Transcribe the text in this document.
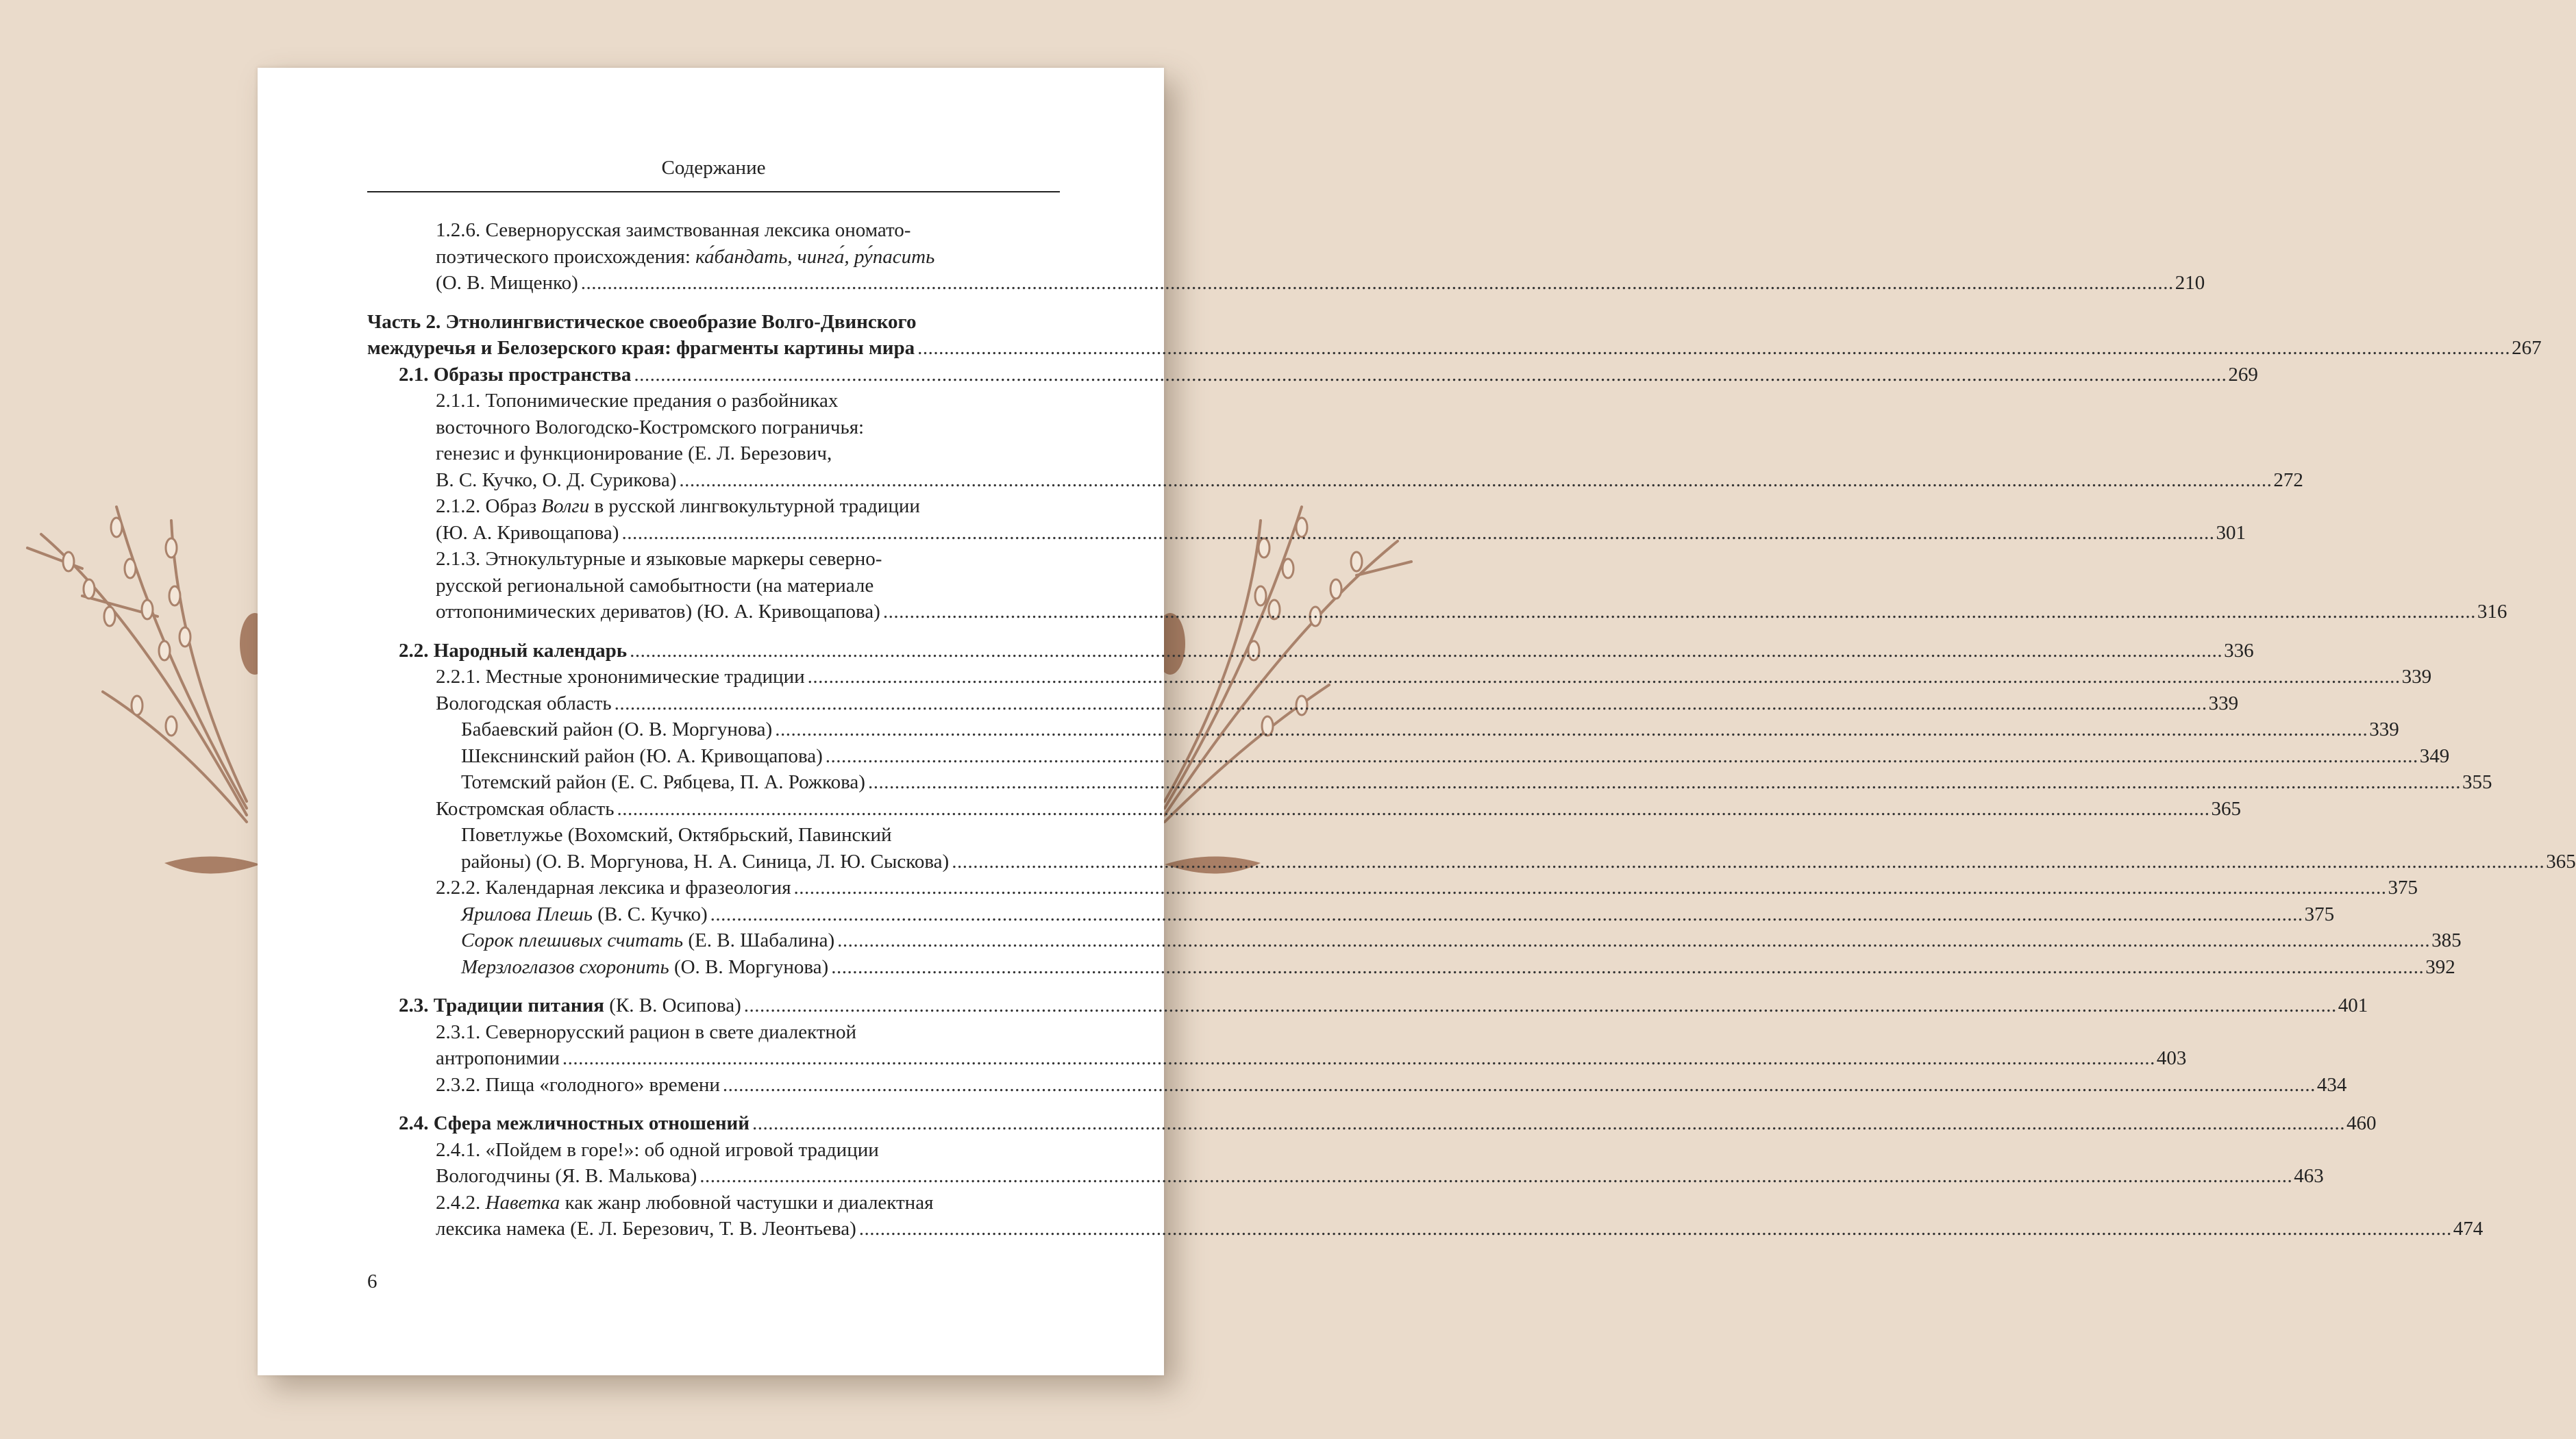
Содержание
1.2.6. Северноруcская заимствованная лексика ономато-
поэтического происхождения: ка́бандать, чинга́, ру́пасить
(О. В. Мищенко) ............................................................................................................................................................................................................................................................................................................ 210
Часть 2. Этнолингвистическое своеобразие Волго-Двинского
междуречья и Белозерского края: фрагменты картины мира ............................................................................................................................................................................................................................................................................................................ 267
2.1. Образы пространства ............................................................................................................................................................................................................................................................................................................ 269
2.1.1. Топонимические предания о разбойниках
восточного Вологодско-Костромского пограничья:
генезис и функционирование (Е. Л. Березович,
В. С. Кучко, О. Д. Сурикова) ............................................................................................................................................................................................................................................................................................................ 272
2.1.2. Образ Волги в русской лингвокультурной традиции
(Ю. А. Кривощапова) ............................................................................................................................................................................................................................................................................................................ 301
2.1.3. Этнокультурные и языковые маркеры северно-
русской региональной самобытности (на материале
оттопонимических дериватов) (Ю. А. Кривощапова) ............................................................................................................................................................................................................................................................................................................ 316
2.2. Народный календарь ............................................................................................................................................................................................................................................................................................................ 336
2.2.1. Местные хрононимические традиции ............................................................................................................................................................................................................................................................................................................ 339
Вологодская область ............................................................................................................................................................................................................................................................................................................ 339
Бабаевский район (О. В. Моргунова) ............................................................................................................................................................................................................................................................................................................ 339
Шекснинский район (Ю. А. Кривощапова) ............................................................................................................................................................................................................................................................................................................ 349
Тотемский район (Е. С. Рябцева, П. А. Рожкова) ............................................................................................................................................................................................................................................................................................................ 355
Костромская область ............................................................................................................................................................................................................................................................................................................ 365
Поветлужье (Вохомский, Октябрьский, Павинский
районы) (О. В. Моргунова, Н. А. Синица, Л. Ю. Сыскова) ............................................................................................................................................................................................................................................................................................................ 365
2.2.2. Календарная лексика и фразеология ............................................................................................................................................................................................................................................................................................................ 375
Ярилова Плешь (В. С. Кучко) ............................................................................................................................................................................................................................................................................................................ 375
Сорок плешивых считать (Е. В. Шабалина) ............................................................................................................................................................................................................................................................................................................ 385
Мерзлоглазов схоронить (О. В. Моргунова) ............................................................................................................................................................................................................................................................................................................ 392
2.3. Традиции питания (К. В. Осипова) ............................................................................................................................................................................................................................................................................................................ 401
2.3.1. Северноруcский рацион в свете диалектной
антропонимии ............................................................................................................................................................................................................................................................................................................ 403
2.3.2. Пища «голодного» времени ............................................................................................................................................................................................................................................................................................................ 434
2.4. Сфера межличностных отношений ............................................................................................................................................................................................................................................................................................................ 460
2.4.1. «Пойдем в горе!»: об одной игровой традиции
Вологодчины (Я. В. Малькова) ............................................................................................................................................................................................................................................................................................................ 463
2.4.2. Наветка как жанр любовной частушки и диалектная
лексика намека (Е. Л. Березович, Т. В. Леонтьева) ............................................................................................................................................................................................................................................................................................................ 474
6
